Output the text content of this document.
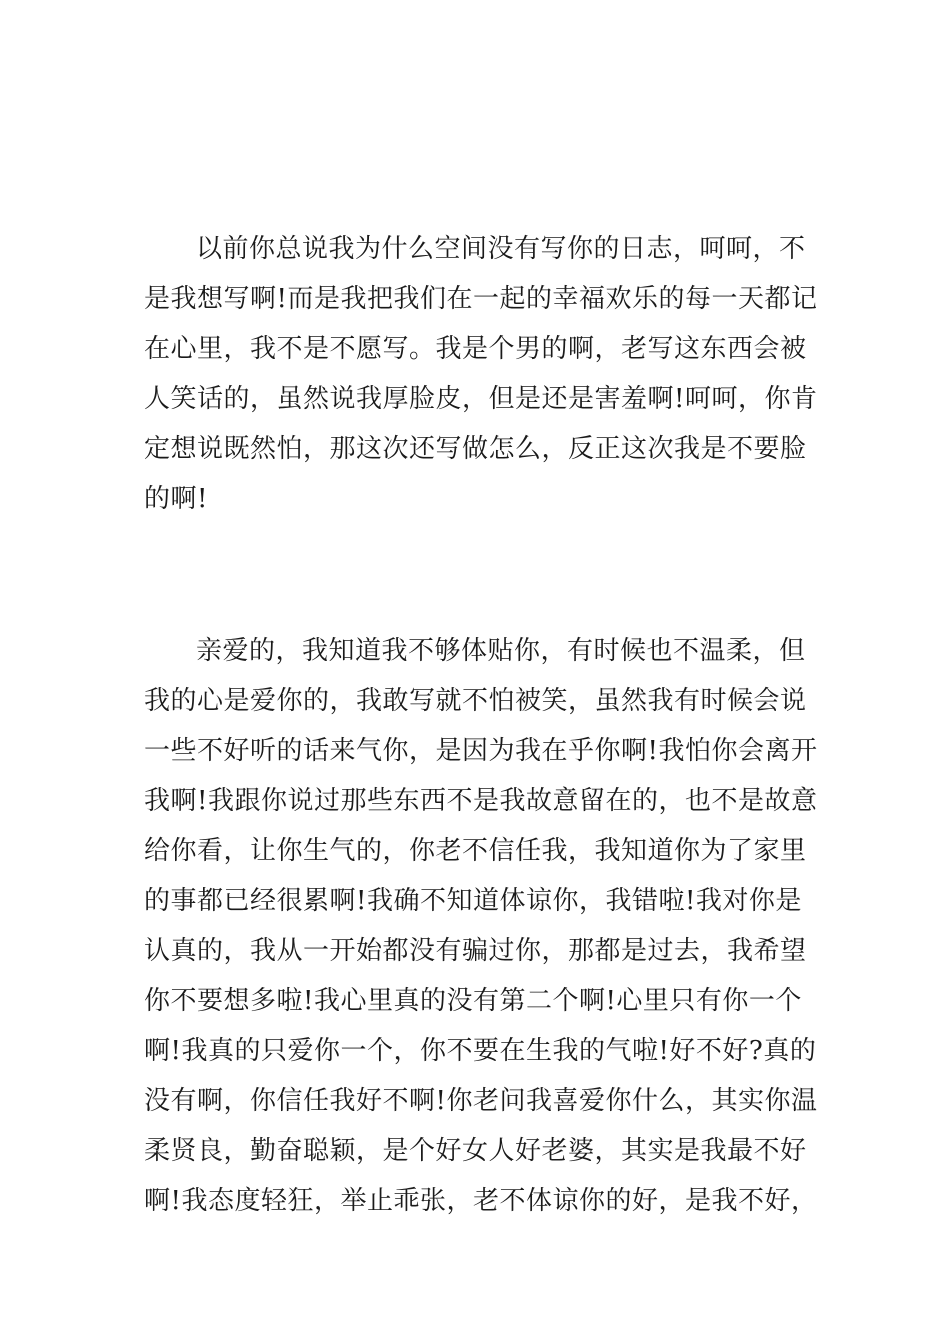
以前你总说我为什么空间没有写你的日志，呵呵，不
是我想写啊!而是我把我们在一起的幸福欢乐的每一天都记
在心里，我不是不愿写。我是个男的啊，老写这东西会被
人笑话的，虽然说我厚脸皮，但是还是害羞啊!呵呵，你肯
定想说既然怕，那这次还写做怎么，反正这次我是不要脸
的啊!
亲爱的，我知道我不够体贴你，有时候也不温柔，但
我的心是爱你的，我敢写就不怕被笑，虽然我有时候会说
一些不好听的话来气你，是因为我在乎你啊!我怕你会离开
我啊!我跟你说过那些东西不是我故意留在的，也不是故意
给你看，让你生气的，你老不信任我，我知道你为了家里
的事都已经很累啊!我确不知道体谅你，我错啦!我对你是
认真的，我从一开始都没有骗过你，那都是过去，我希望
你不要想多啦!我心里真的没有第二个啊!心里只有你一个
啊!我真的只爱你一个，你不要在生我的气啦!好不好?真的
没有啊，你信任我好不啊!你老问我喜爱你什么，其实你温
柔贤良，勤奋聪颖，是个好女人好老婆，其实是我最不好
啊!我态度轻狂，举止乖张，老不体谅你的好，是我不好，
